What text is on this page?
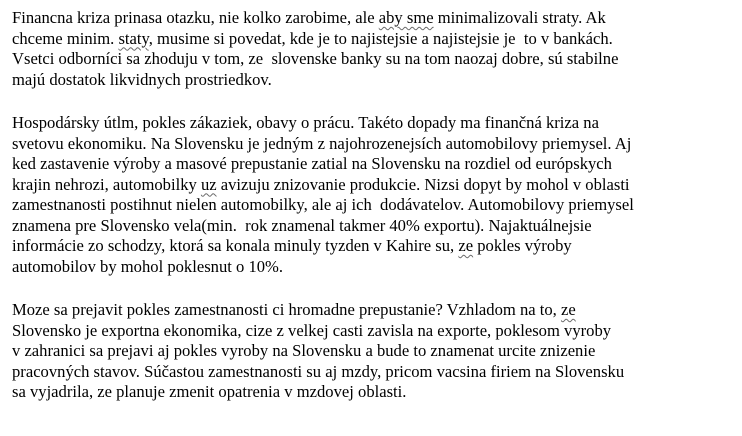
Financna kriza prinasa otazku, nie kolko zarobime, ale aby sme minimalizovali straty. Ak
chceme minim. staty, musime si povedat, kde je to najistejsie a najistejsie je  to v bankách.
Vsetci odborníci sa zhoduju v tom, ze  slovenske banky su na tom naozaj dobre, sú stabilne
majú dostatok likvidnych prostriedkov.
Hospodársky útlm, pokles zákaziek, obavy o prácu. Takéto dopady ma finančná kriza na
svetovu ekonomiku. Na Slovensku je jedným z najohrozenejsích automobilovy priemysel. Aj
ked zastavenie výroby a masové prepustanie zatial na Slovensku na rozdiel od európskych
krajin nehrozi, automobilky uz avizuju znizovanie produkcie. Nizsi dopyt by mohol v oblasti
zamestnanosti postihnut nielen automobilky, ale aj ich  dodávatelov. Automobilovy priemysel
znamena pre Slovensko vela(min.  rok znamenal takmer 40% exportu). Najaktuálnejsie
informácie zo schodzy, ktorá sa konala minuly tyzden v Kahire su, ze pokles výroby
automobilov by mohol poklesnut o 10%.
Moze sa prejavit pokles zamestnanosti ci hromadne prepustanie? Vzhladom na to, ze
Slovensko je exportna ekonomika, cize z velkej casti zavisla na exporte, poklesom vyroby
v zahranici sa prejavi aj pokles vyroby na Slovensku a bude to znamenat urcite znizenie
pracovných stavov. Súčastou zamestnanosti su aj mzdy, pricom vacsina firiem na Slovensku
sa vyjadrila, ze planuje zmenit opatrenia v mzdovej oblasti.
